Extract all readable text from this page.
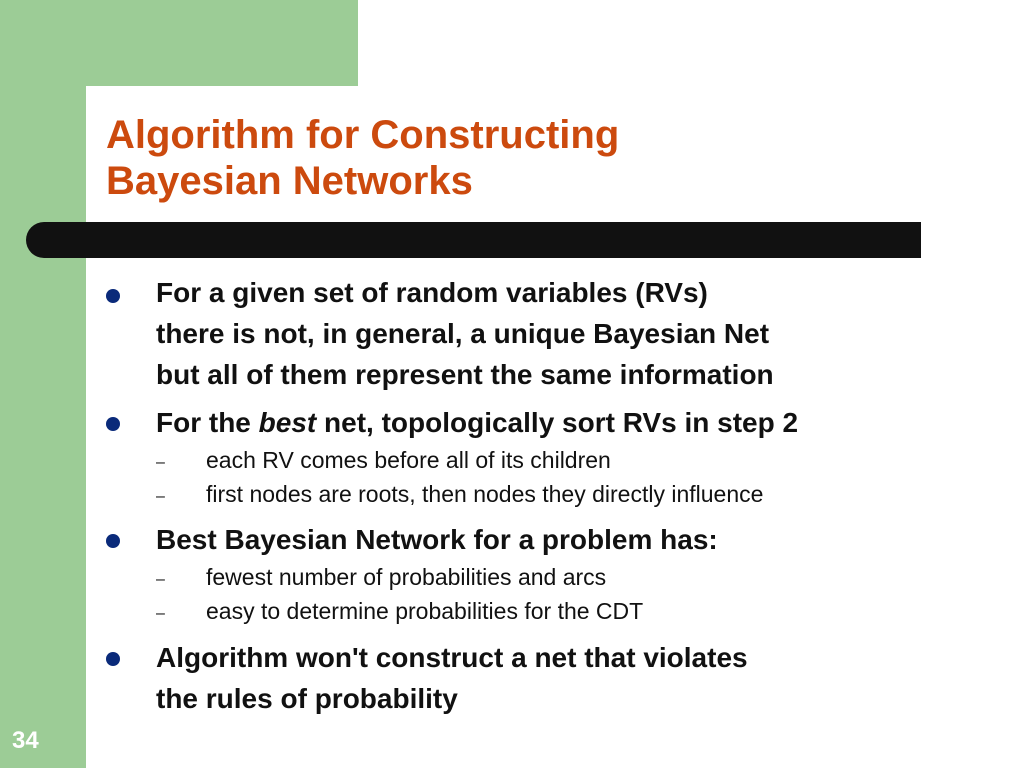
Algorithm for Constructing
Bayesian Networks
For a given set of random variables (RVs)
there is not, in general, a unique Bayesian Net
but all of them represent the same information
For the best net, topologically sort RVs in step 2
– each RV comes before all of its children
– first nodes are roots, then nodes they directly influence
Best Bayesian Network for a problem has:
– fewest number of probabilities and arcs
– easy to determine probabilities for the CDT
Algorithm won't construct a net that violates
the rules of probability
34
